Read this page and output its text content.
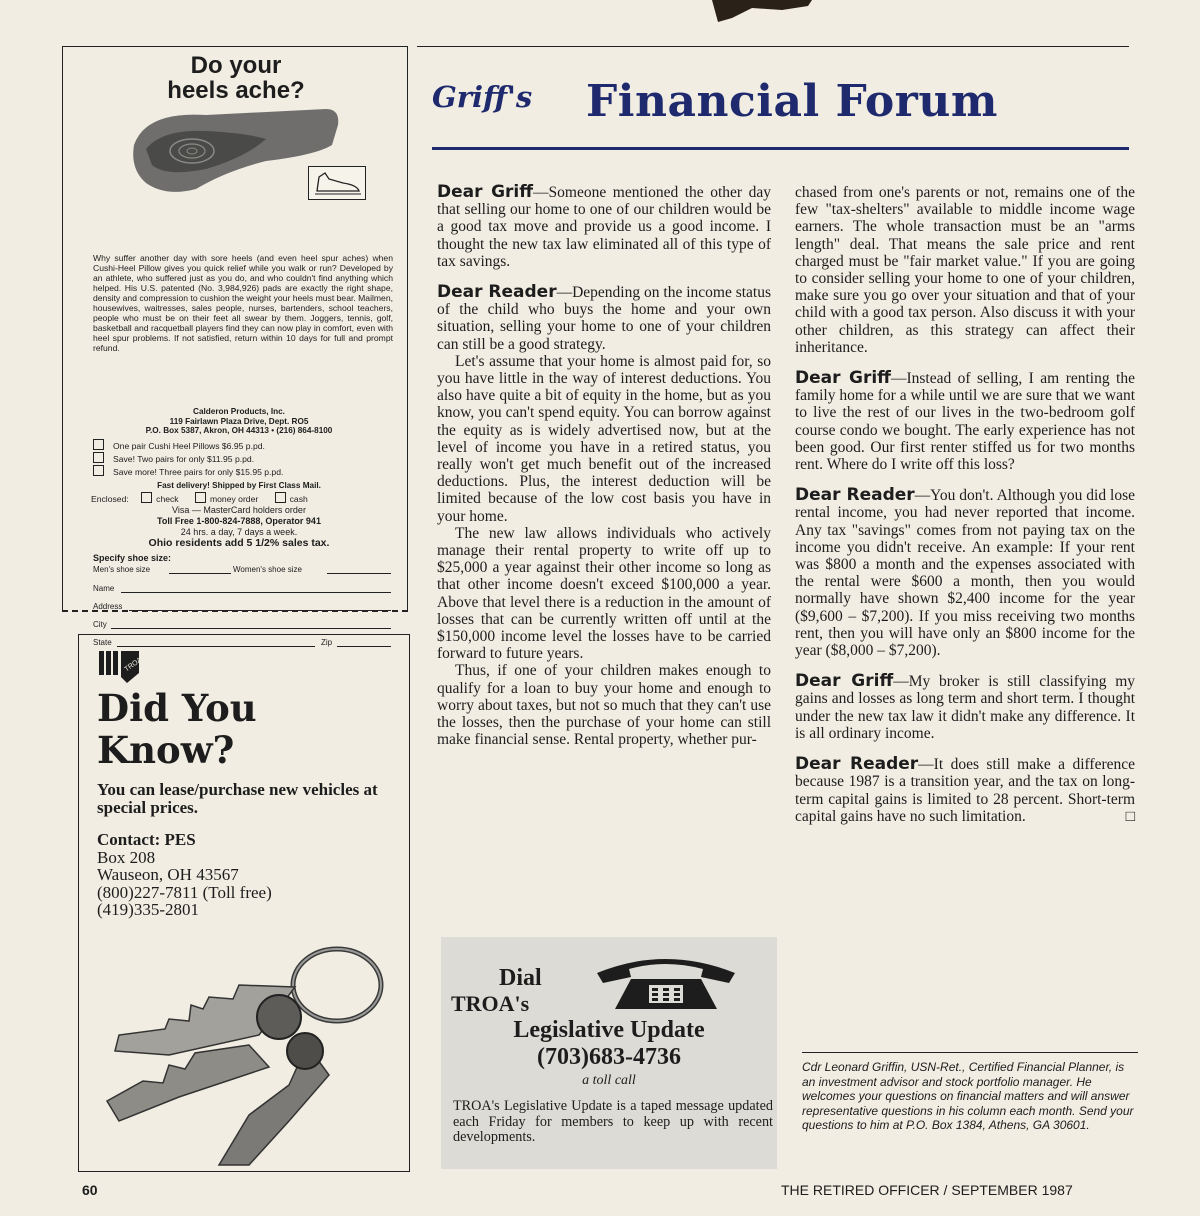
Do your
heels ache?
Why suffer another day with sore heels (and even heel spur aches) when Cushi-Heel Pillow gives you quick relief while you walk or run? Developed by an athlete, who suffered just as you do, and who couldn't find anything which helped. His U.S. patented (No. 3,984,926) pads are exactly the right shape, density and compression to cushion the weight your heels must bear. Mailmen, housewives, waitresses, sales people, nurses, bartenders, school teachers, people who must be on their feet all swear by them. Joggers, tennis, golf, basketball and racquetball players find they can now play in comfort, even with heel spur problems. If not satisfied, return within 10 days for full and prompt refund.
Calderon Products, Inc.
119 Fairlawn Plaza Drive, Dept. RO5
P.O. Box 5387, Akron, OH 44313 • (216) 864-8100
One pair Cushi Heel Pillows $6.95 p.pd.
Save! Two pairs for only $11.95 p.pd.
Save more! Three pairs for only $15.95 p.pd.
Fast delivery! Shipped by First Class Mail.
Enclosed:	check	money order	cash
Visa — MasterCard holders order
Toll Free 1-800-824-7888, Operator 941
24 hrs. a day, 7 days a week.
Ohio residents add 5 1/2% sales tax.
Specify shoe size:
Men's shoe size	Women's shoe size
Name
Address
City
State	Zip
TROA
Did You
Know?
You can lease/purchase new vehicles at special prices.
Contact: PES
Box 208
Wauseon, OH 43567
(800)227-7811 (Toll free)
(419)335-2801
Griff's Financial Forum

Dear Griff—Someone mentioned the other day that selling our home to one of our children would be a good tax move and provide us a good income. I thought the new tax law eliminated all of this type of tax savings.

Dear Reader—Depending on the income status of the child who buys the home and your own situation, selling your home to one of your children can still be a good strategy.

Let's assume that your home is almost paid for, so you have little in the way of interest deductions. You also have quite a bit of equity in the home, but as you know, you can't spend equity. You can borrow against the equity as is widely advertised now, but at the level of income you have in a retired status, you really won't get much benefit out of the increased deductions. Plus, the interest deduction will be limited because of the low cost basis you have in your home.

The new law allows individuals who actively manage their rental property to write off up to $25,000 a year against their other income so long as that other income doesn't exceed $100,000 a year. Above that level there is a reduction in the amount of losses that can be currently written off until at the $150,000 income level the losses have to be carried forward to future years.

Thus, if one of your children makes enough to qualify for a loan to buy your home and enough to worry about taxes, but not so much that they can't use the losses, then the purchase of your home can still make financial sense. Rental property, whether pur-

chased from one's parents or not, remains one of the few "tax-shelters" available to middle income wage earners. The whole transaction must be an "arms length" deal. That means the sale price and rent charged must be "fair market value." If you are going to consider selling your home to one of your children, make sure you go over your situation and that of your child with a good tax person. Also discuss it with your other children, as this strategy can affect their inheritance.

Dear Griff—Instead of selling, I am renting the family home for a while until we are sure that we want to live the rest of our lives in the two-bedroom golf course condo we bought. The early experience has not been good. Our first renter stiffed us for two months rent. Where do I write off this loss?

Dear Reader—You don't. Although you did lose rental income, you had never reported that income. Any tax "savings" comes from not paying tax on the income you didn't receive. An example: If your rent was $800 a month and the expenses associated with the rental were $600 a month, then you would normally have shown $2,400 income for the year ($9,600 – $7,200). If you miss receiving two months rent, then you will have only an $800 income for the year ($8,000 – $7,200).

Dear Griff—My broker is still classifying my gains and losses as long term and short term. I thought under the new tax law it didn't make any difference. It is all ordinary income.

Dear Reader—It does still make a difference because 1987 is a transition year, and the tax on long-term capital gains is limited to 28 percent. Short-term capital gains have no such limitation.	□

Dial
TROA's
Legislative Update
(703)683-4736
a toll call
TROA's Legislative Update is a taped message updated each Friday for members to keep up with recent developments.
Cdr Leonard Griffin, USN-Ret., Certified Financial Planner, is an investment advisor and stock portfolio manager. He welcomes your questions on financial matters and will answer representative questions in his column each month. Send your questions to him at P.O. Box 1384, Athens, GA 30601.
60	THE RETIRED OFFICER / SEPTEMBER 1987
